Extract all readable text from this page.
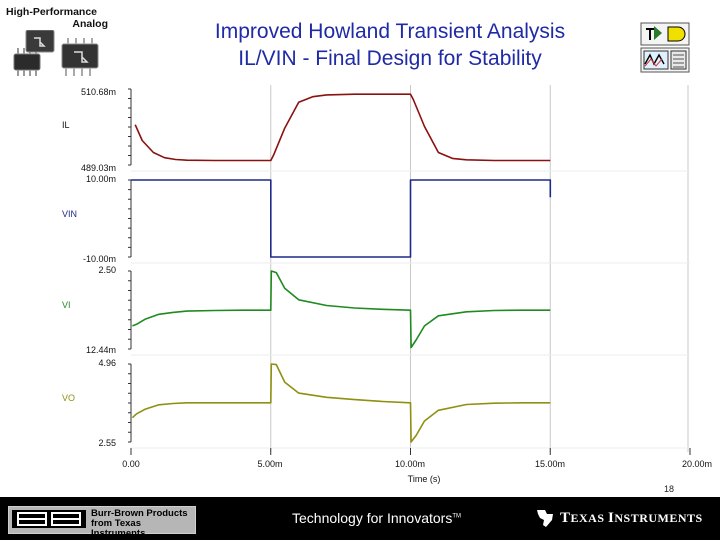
High-Performance
Analog	Improved Howland Transient Analysis
IL/VIN - Final Design for Stability
IL
510.68m
489.03m
VIN
10.00m
-10.00m
VI
2.50
12.44m
VO
4.96
2.55
0.00	5.00m	10.00m	15.00m	20.00m
Time (s)
18
Burr-Brown Products
from Texas Instruments
Technology for Innovators™	TEXAS INSTRUMENTS
